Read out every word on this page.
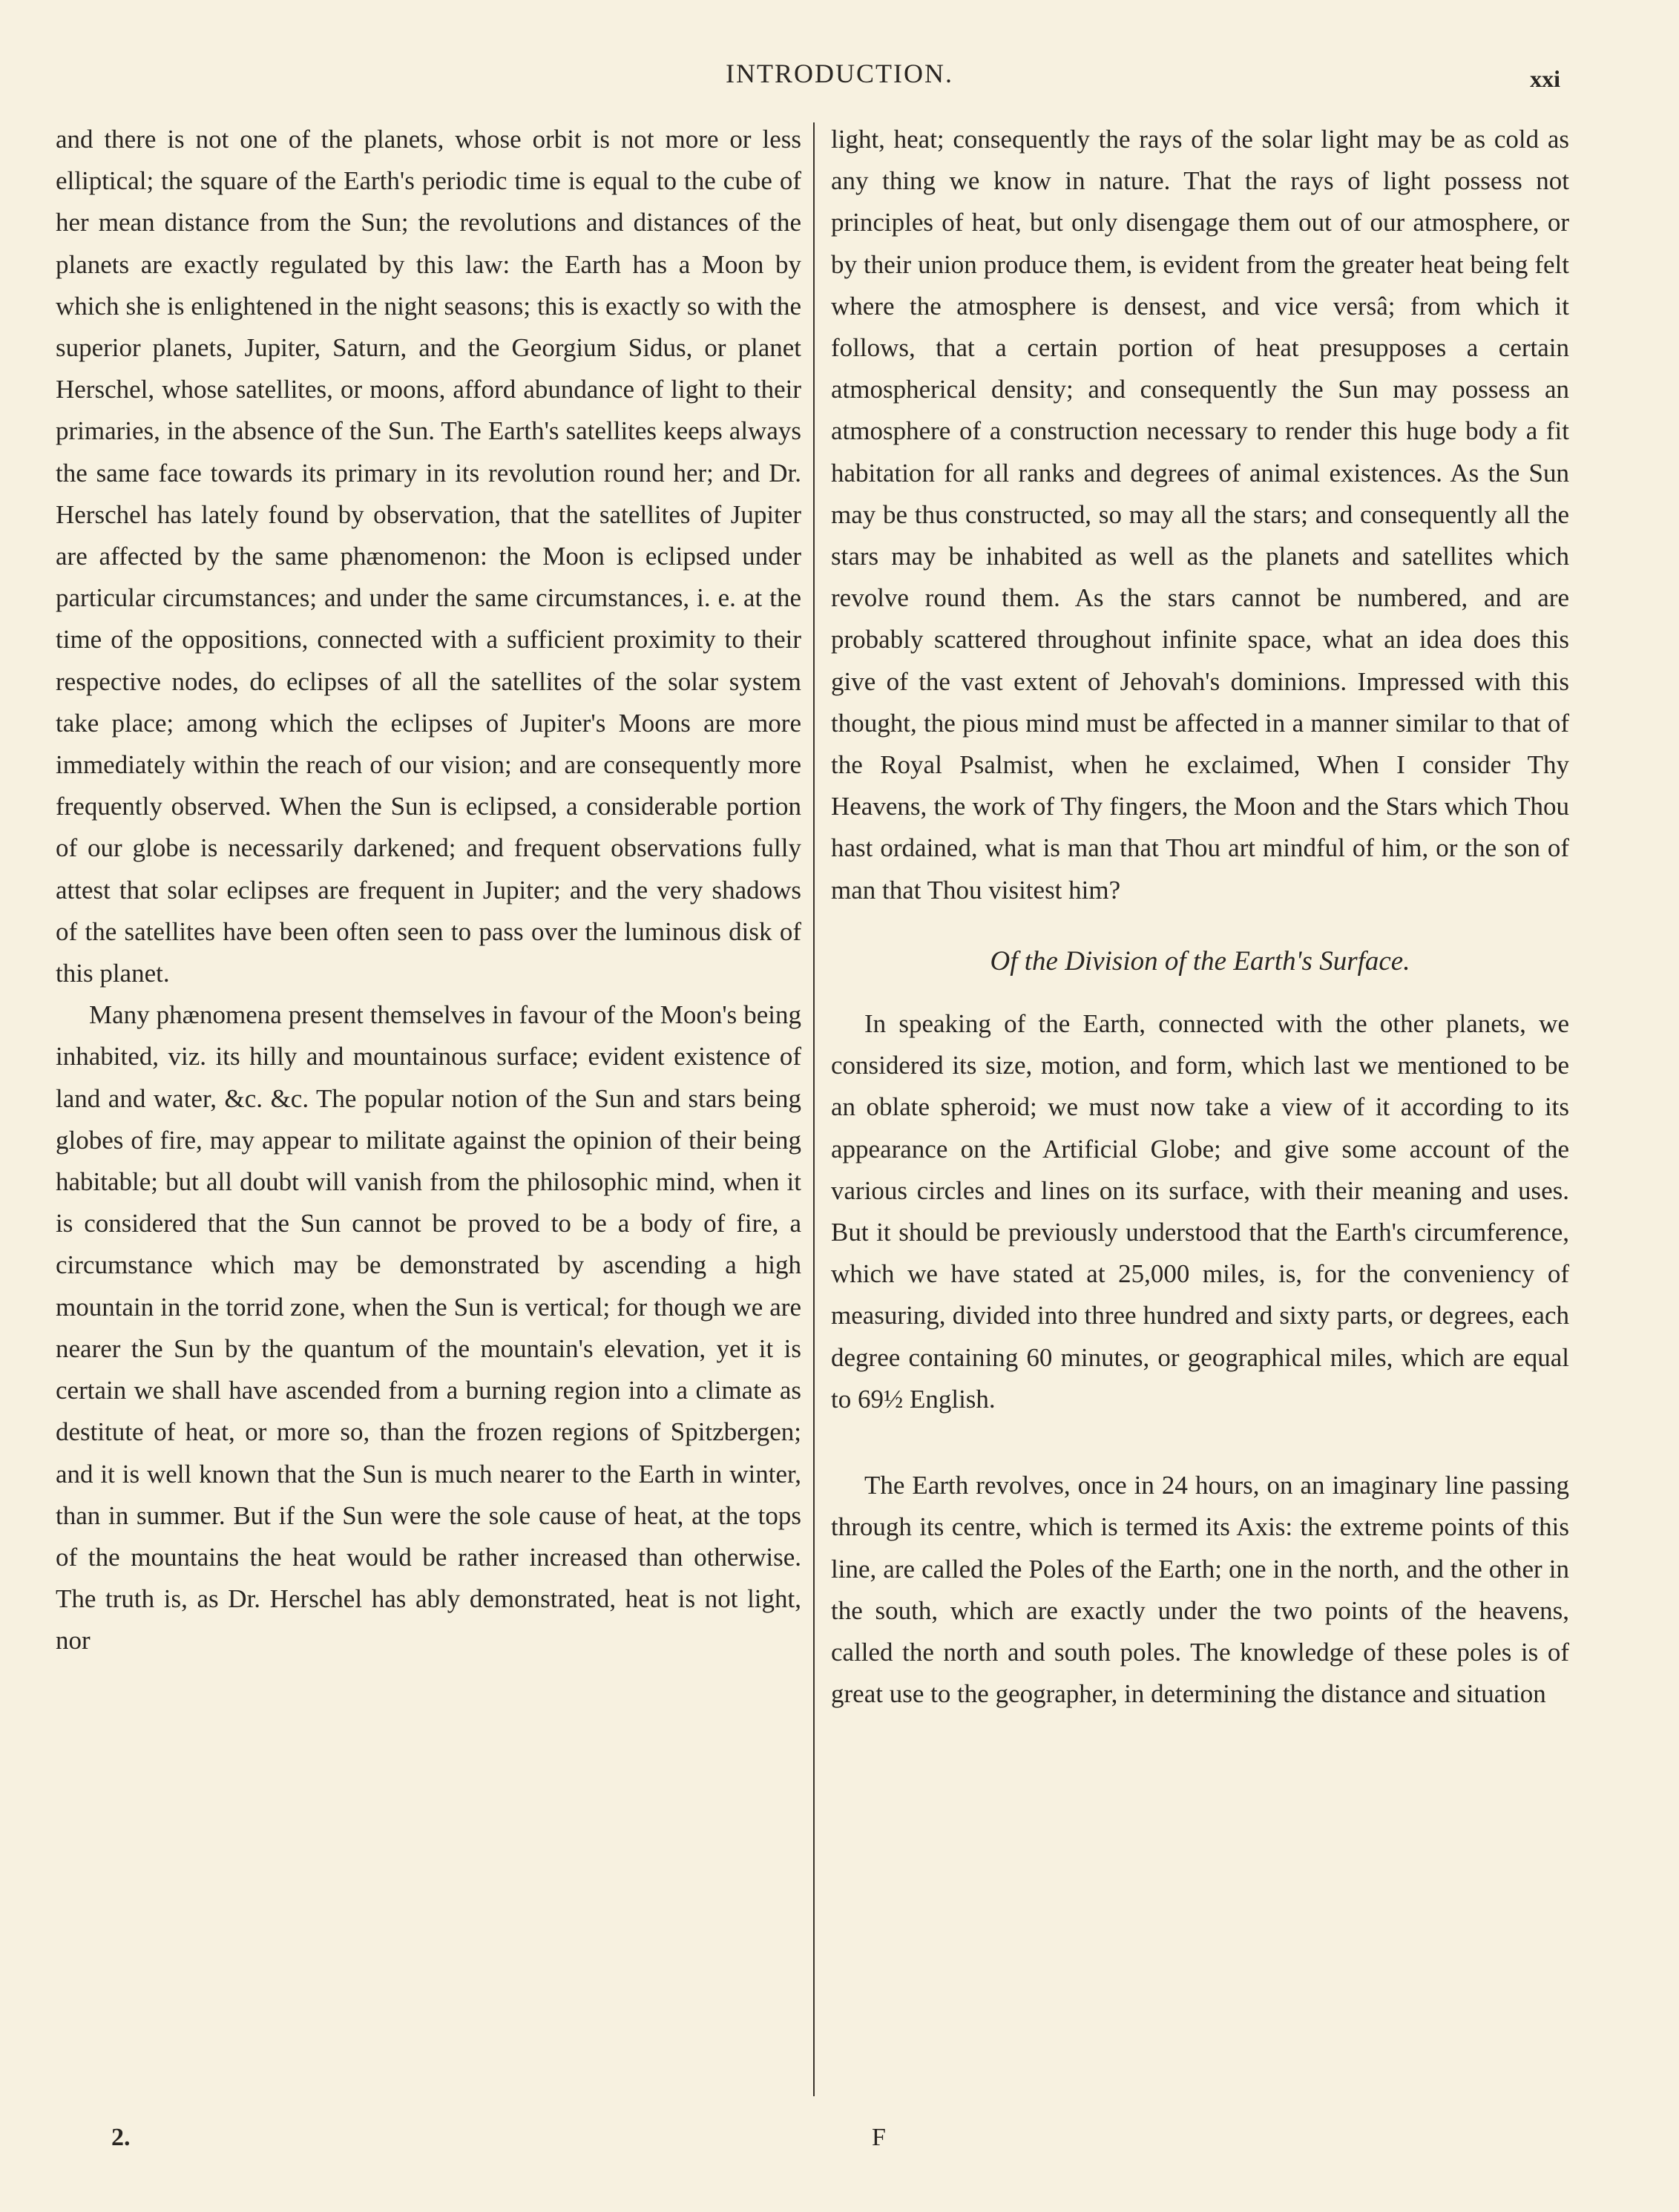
INTRODUCTION.	xxi

and there is not one of the planets, whose orbit is not more or less elliptical; the square of the Earth's periodic time is equal to the cube of her mean distance from the Sun; the revolutions and distances of the planets are exactly regulated by this law: the Earth has a Moon by which she is enlightened in the night seasons; this is exactly so with the superior planets, Jupiter, Saturn, and the Georgium Sidus, or planet Herschel, whose satellites, or moons, afford abundance of light to their primaries, in the absence of the Sun. The Earth's satellites keeps always the same face towards its primary in its revolution round her; and Dr. Herschel has lately found by observation, that the satellites of Jupiter are affected by the same phænomenon: the Moon is eclipsed under particular circumstances; and under the same circumstances, i. e. at the time of the oppositions, connected with a sufficient proximity to their respective nodes, do eclipses of all the satellites of the solar system take place; among which the eclipses of Jupiter's Moons are more immediately within the reach of our vision; and are consequently more frequently observed. When the Sun is eclipsed, a considerable portion of our globe is necessarily darkened; and frequent observations fully attest that solar eclipses are frequent in Jupiter; and the very shadows of the satellites have been often seen to pass over the luminous disk of this planet.

Many phænomena present themselves in favour of the Moon's being inhabited, viz. its hilly and mountainous surface; evident existence of land and water, &c. &c. The popular notion of the Sun and stars being globes of fire, may appear to militate against the opinion of their being habitable; but all doubt will vanish from the philosophic mind, when it is considered that the Sun cannot be proved to be a body of fire, a circumstance which may be demonstrated by ascending a high mountain in the torrid zone, when the Sun is vertical; for though we are nearer the Sun by the quantum of the mountain's elevation, yet it is certain we shall have ascended from a burning region into a climate as destitute of heat, or more so, than the frozen regions of Spitzbergen; and it is well known that the Sun is much nearer to the Earth in winter, than in summer. But if the Sun were the sole cause of heat, at the tops of the mountains the heat would be rather increased than otherwise. The truth is, as Dr. Herschel has ably demonstrated, heat is not light, nor

light, heat; consequently the rays of the solar light may be as cold as any thing we know in nature. That the rays of light possess not principles of heat, but only disengage them out of our atmosphere, or by their union produce them, is evident from the greater heat being felt where the atmosphere is densest, and vice versâ; from which it follows, that a certain portion of heat presupposes a certain atmospherical density; and consequently the Sun may possess an atmosphere of a construction necessary to render this huge body a fit habitation for all ranks and degrees of animal existences. As the Sun may be thus constructed, so may all the stars; and consequently all the stars may be inhabited as well as the planets and satellites which revolve round them. As the stars cannot be numbered, and are probably scattered throughout infinite space, what an idea does this give of the vast extent of Jehovah's dominions. Impressed with this thought, the pious mind must be affected in a manner similar to that of the Royal Psalmist, when he exclaimed, When I consider Thy Heavens, the work of Thy fingers, the Moon and the Stars which Thou hast ordained, what is man that Thou art mindful of him, or the son of man that Thou visitest him?

Of the Division of the Earth's Surface.

In speaking of the Earth, connected with the other planets, we considered its size, motion, and form, which last we mentioned to be an oblate spheroid; we must now take a view of it according to its appearance on the Artificial Globe; and give some account of the various circles and lines on its surface, with their meaning and uses. But it should be previously understood that the Earth's circumference, which we have stated at 25,000 miles, is, for the conveniency of measuring, divided into three hundred and sixty parts, or degrees, each degree containing 60 minutes, or geographical miles, which are equal to 69½ English.

The Earth revolves, once in 24 hours, on an imaginary line passing through its centre, which is termed its Axis: the extreme points of this line, are called the Poles of the Earth; one in the north, and the other in the south, which are exactly under the two points of the heavens, called the north and south poles. The knowledge of these poles is of great use to the geographer, in determining the distance and situation

2.	F
